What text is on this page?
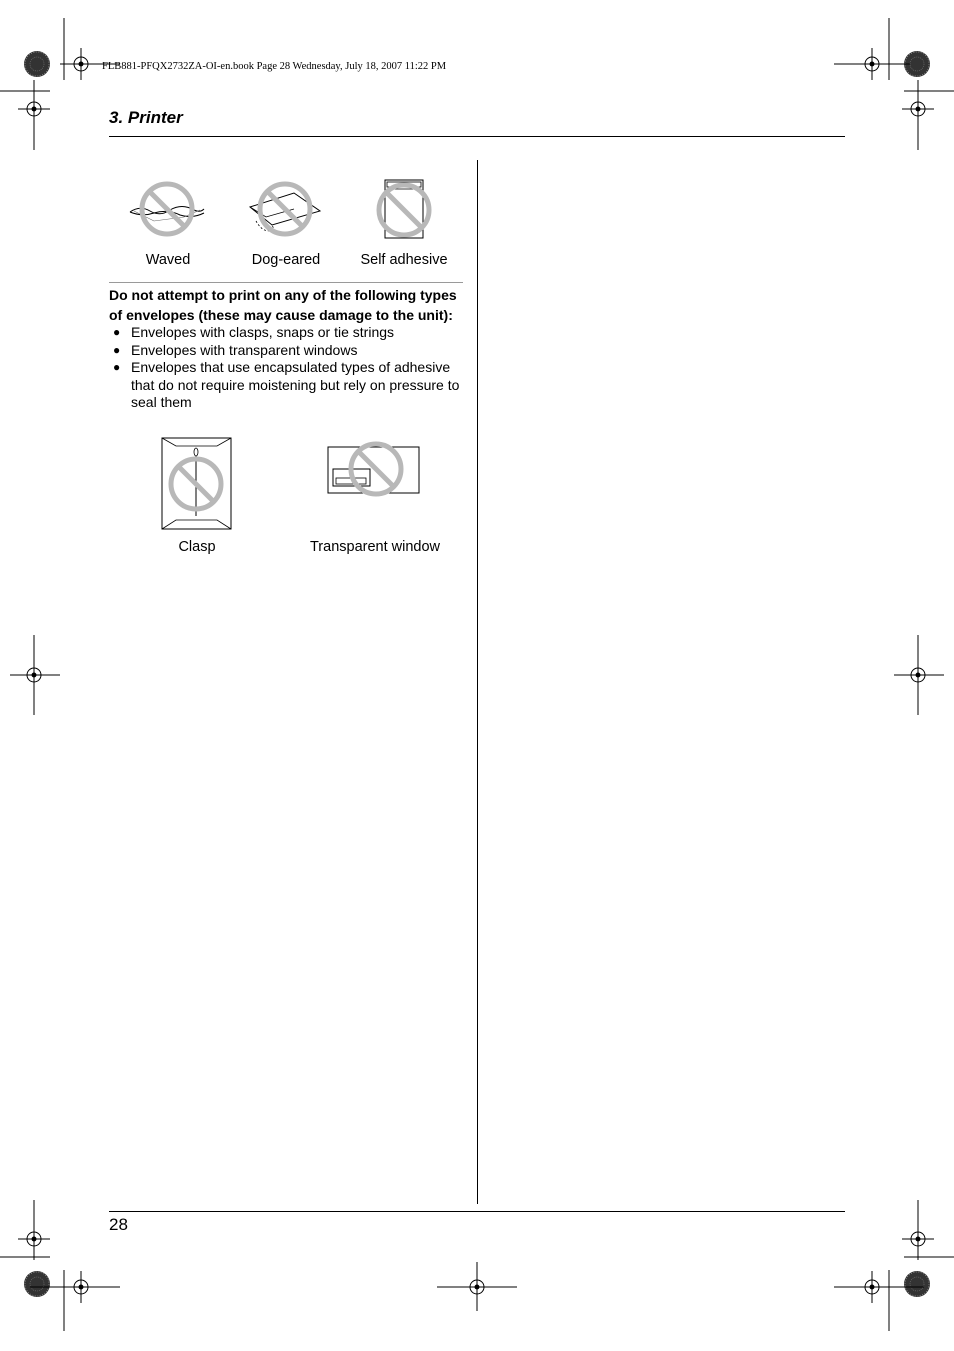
FLB881-PFQX2732ZA-OI-en.book Page 28 Wednesday, July 18, 2007 11:22 PM
3. Printer
Waved	Dog-eared	Self adhesive
Do not attempt to print on any of the following types of envelopes (these may cause damage to the unit):
● Envelopes with clasps, snaps or tie strings
● Envelopes with transparent windows
● Envelopes that use encapsulated types of adhesive that do not require moistening but rely on pressure to seal them
Clasp	Transparent window
28
